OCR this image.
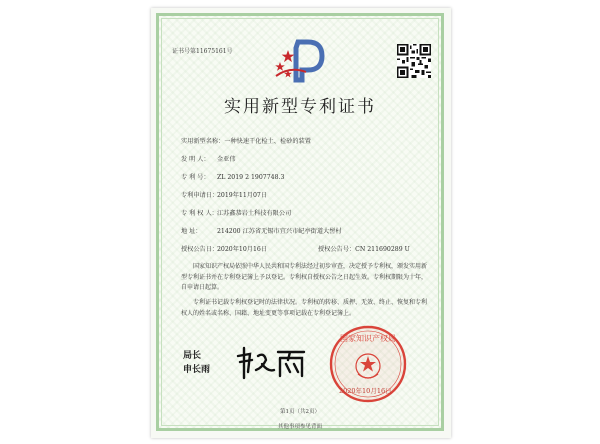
证书号第11675161号
实用新型专利证书
实用新型名称：一种快速干化检土、检砂的装置
发 明 人： 金亚伟
专 利 号： ZL 2019 2 1907748.3
专利申请日：2019年11月07日
专 利 权 人：江苏鑫恭岩土科技有限公司
地 址： 214200 江苏省无锡市宜兴市屺亭街道大髻村
授权公告日：2020年10月16日	授权公告号：CN 211690289 U
国家知识产权局依照中华人民共和国专利法经过初步审查，决定授予专利权，颁发实用新型专利证书并在专利登记簿上予以登记。专利权自授权公告之日起生效。专利权期限为十年，自申请日起算。
专利证书记载专利权登记时的法律状况。专利权的转移、质押、无效、终止、恢复和专利权人的姓名或名称、国籍、地址变更等事项记载在专利登记簿上。
局长
申长雨
国家知识产权局
2020年10月16日
第1页（共2页）
其他事项参见背面
